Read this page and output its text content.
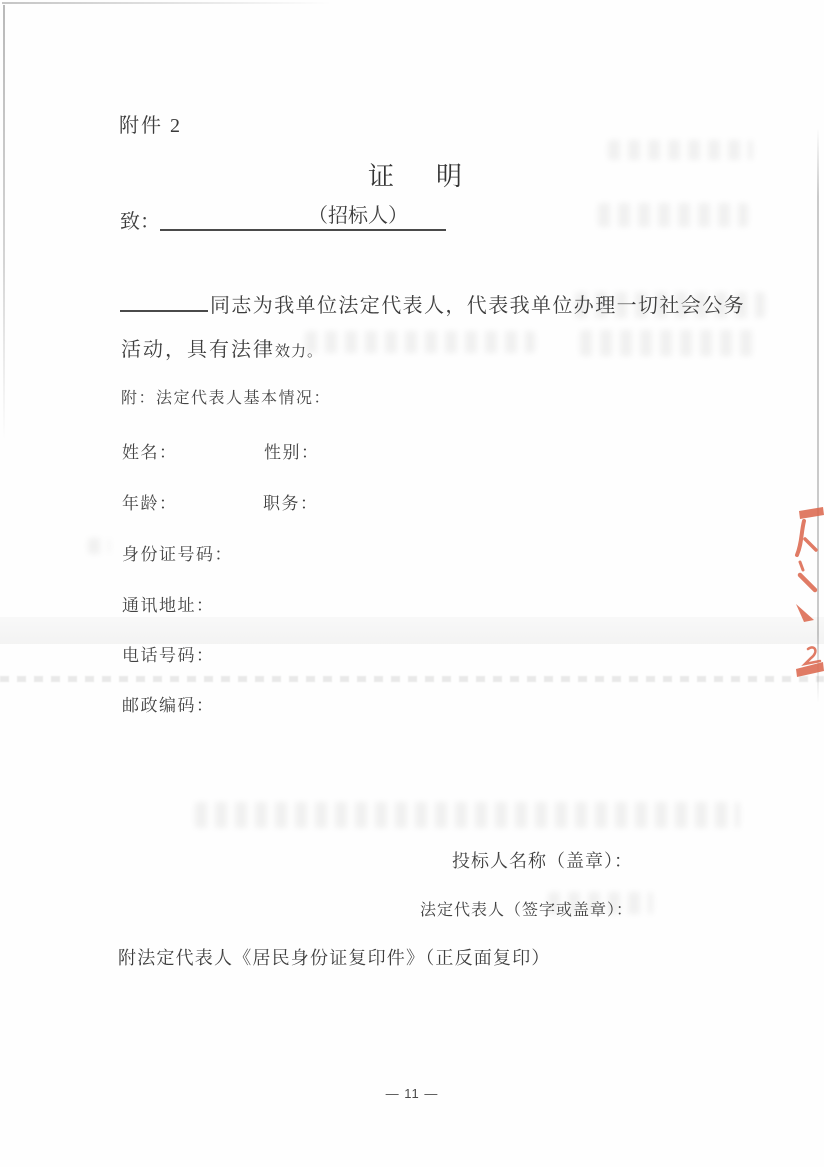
附件 2
证　明
致：	（招标人）
同志为我单位法定代表人，代表我单位办理一切社会公务
活动，具有法律效力。
附：法定代表人基本情况：
姓名：	性别：
年龄：	职务：
身份证号码：
通讯地址：
电话号码：
邮政编码：
投标人名称（盖章）：
法定代表人（签字或盖章）：
附法定代表人《居民身份证复印件》（正反面复印）
— 11 —
